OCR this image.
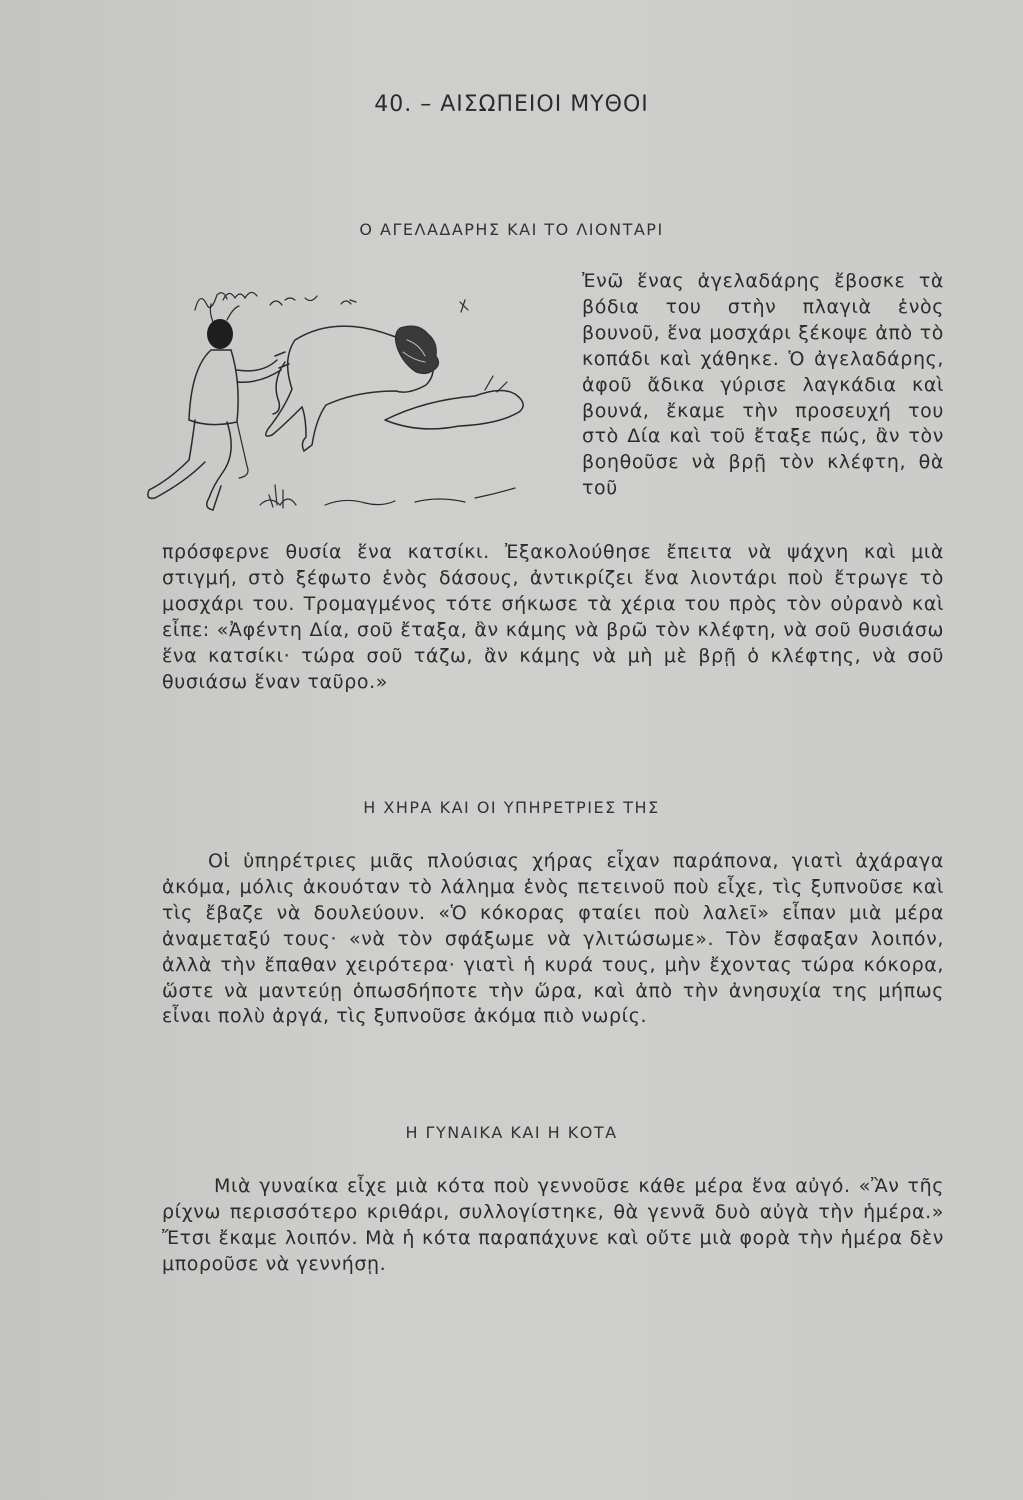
40. – ΑΙΣΩΠΕΙΟΙ ΜΥΘΟΙ
Ο ΑΓΕΛΑΔΑΡΗΣ ΚΑΙ ΤΟ ΛΙΟΝΤΑΡΙ

Ἐνῶ ἕνας ἀγελαδάρης ἔβοσκε τὰ βόδια του στὴν πλαγιὰ ἑνὸς βουνοῦ, ἕνα μοσχάρι ξέκοψε ἀπὸ τὸ κοπάδι καὶ χάθηκε. Ὁ ἀγελαδάρης, ἀφοῦ ἄδικα γύρισε λαγκάδια καὶ βουνά, ἔκαμε τὴν προσευχή του στὸ Δία καὶ τοῦ ἔταξε πώς, ἂν τὸν βοηθοῦσε νὰ βρῇ τὸν κλέφτη, θὰ τοῦ

πρόσφερνε θυσία ἕνα κατσίκι. Ἐξακολούθησε ἔπειτα νὰ ψάχνη καὶ μιὰ στιγμή, στὸ ξέφωτο ἑνὸς δάσους, ἀντικρίζει ἕνα λιοντάρι ποὺ ἔτρωγε τὸ μοσχάρι του. Τρομαγμένος τότε σήκωσε τὰ χέρια του πρὸς τὸν οὐρανὸ καὶ εἶπε: «Ἀφέντη Δία, σοῦ ἔταξα, ἂν κάμης νὰ βρῶ τὸν κλέφτη, νὰ σοῦ θυσιάσω ἕνα κατσίκι· τώρα σοῦ τάζω, ἂν κάμης νὰ μὴ μὲ βρῇ ὁ κλέφτης, νὰ σοῦ θυσιάσω ἕναν ταῦρο.»

Η ΧΗΡΑ ΚΑΙ ΟΙ ΥΠΗΡΕΤΡΙΕΣ ΤΗΣ

Οἱ ὑπηρέτριες μιᾶς πλούσιας χήρας εἶχαν παράπονα, γιατὶ ἀχάραγα ἀκόμα, μόλις ἀκουόταν τὸ λάλημα ἑνὸς πετεινοῦ ποὺ εἶχε, τὶς ξυπνοῦσε καὶ τὶς ἔβαζε νὰ δουλεύουν. «Ὁ κόκορας φταίει ποὺ λαλεῖ» εἶπαν μιὰ μέρα ἀναμεταξύ τους· «νὰ τὸν σφάξωμε νὰ γλιτώσωμε». Τὸν ἔσφαξαν λοιπόν, ἀλλὰ τὴν ἔπαθαν χειρότερα· γιατὶ ἡ κυρά τους, μὴν ἔχοντας τώρα κόκορα, ὥστε νὰ μαντεύῃ ὁπωσδήποτε τὴν ὥρα, καὶ ἀπὸ τὴν ἀνησυχία της μήπως εἶναι πολὺ ἀργά, τὶς ξυπνοῦσε ἀκόμα πιὸ νωρίς.

Η ΓΥΝΑΙΚΑ ΚΑΙ Η ΚΟΤΑ

Μιὰ γυναίκα εἶχε μιὰ κότα ποὺ γεννοῦσε κάθε μέρα ἕνα αὐγό. «Ἂν τῆς ρίχνω περισσότερο κριθάρι, συλλογίστηκε, θὰ γεννᾶ δυὸ αὐγὰ τὴν ἡμέρα.» Ἔτσι ἔκαμε λοιπόν. Μὰ ἡ κότα παραπάχυνε καὶ οὔτε μιὰ φορὰ τὴν ἡμέρα δὲν μποροῦσε νὰ γεννήσῃ.
